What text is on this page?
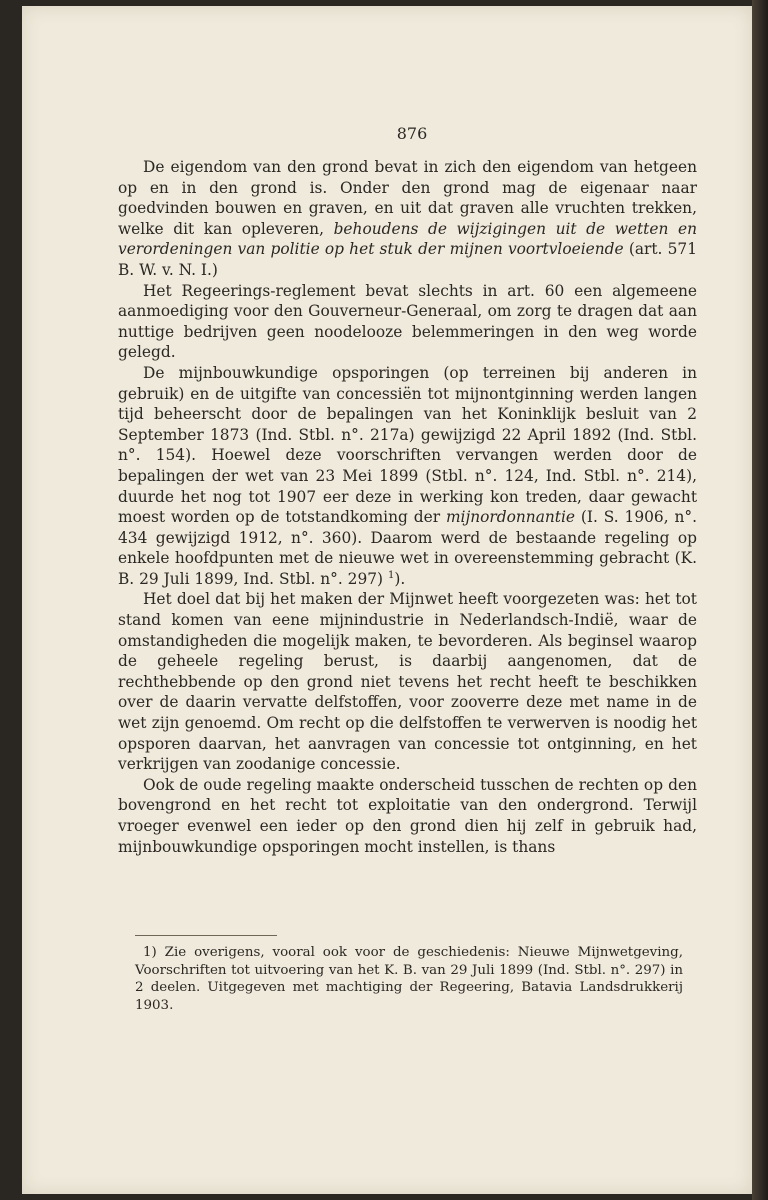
876

De eigendom van den grond bevat in zich den eigendom van hetgeen op en in den grond is. Onder den grond mag de eigenaar naar goedvinden bouwen en graven, en uit dat graven alle vruchten trekken, welke dit kan opleveren, behoudens de wijzigingen uit de wetten en verordeningen van politie op het stuk der mijnen voortvloeiende (art. 571 B. W. v. N. I.)

Het Regeerings-reglement bevat slechts in art. 60 een algemeene aanmoediging voor den Gouverneur-Generaal, om zorg te dragen dat aan nuttige bedrijven geen noodelooze belemmeringen in den weg worde gelegd.

De mijnbouwkundige opsporingen (op terreinen bij anderen in gebruik) en de uitgifte van concessiën tot mijnontginning werden langen tijd beheerscht door de bepalingen van het Koninklijk besluit van 2 September 1873 (Ind. Stbl. n°. 217a) gewijzigd 22 April 1892 (Ind. Stbl. n°. 154). Hoewel deze voorschriften vervangen werden door de bepalingen der wet van 23 Mei 1899 (Stbl. n°. 124, Ind. Stbl. n°. 214), duurde het nog tot 1907 eer deze in werking kon treden, daar gewacht moest worden op de totstandkoming der mijnordonnantie (I. S. 1906, n°. 434 gewijzigd 1912, n°. 360). Daarom werd de bestaande regeling op enkele hoofdpunten met de nieuwe wet in overeenstemming gebracht (K. B. 29 Juli 1899, Ind. Stbl. n°. 297) $^1$).

Het doel dat bij het maken der Mijnwet heeft voorgezeten was: het tot stand komen van eene mijnindustrie in Nederlandsch-Indië, waar de omstandigheden die mogelijk maken, te bevorderen. Als beginsel waarop de geheele regeling berust, is daarbij aangenomen, dat de rechthebbende op den grond niet tevens het recht heeft te beschikken over de daarin vervatte delfstoffen, voor zooverre deze met name in de wet zijn genoemd. Om recht op die delfstoffen te verwerven is noodig het opsporen daarvan, het aanvragen van concessie tot ontginning, en het verkrijgen van zoodanige concessie.

Ook de oude regeling maakte onderscheid tusschen de rechten op den bovengrond en het recht tot exploitatie van den ondergrond. Terwijl vroeger evenwel een ieder op den grond dien hij zelf in gebruik had, mijnbouwkundige opsporingen mocht instellen, is thans

1) Zie overigens, vooral ook voor de geschiedenis: Nieuwe Mijnwetgeving, Voorschriften tot uitvoering van het K. B. van 29 Juli 1899 (Ind. Stbl. n°. 297) in 2 deelen. Uitgegeven met machtiging der Regeering, Batavia Landsdrukkerij 1903.
